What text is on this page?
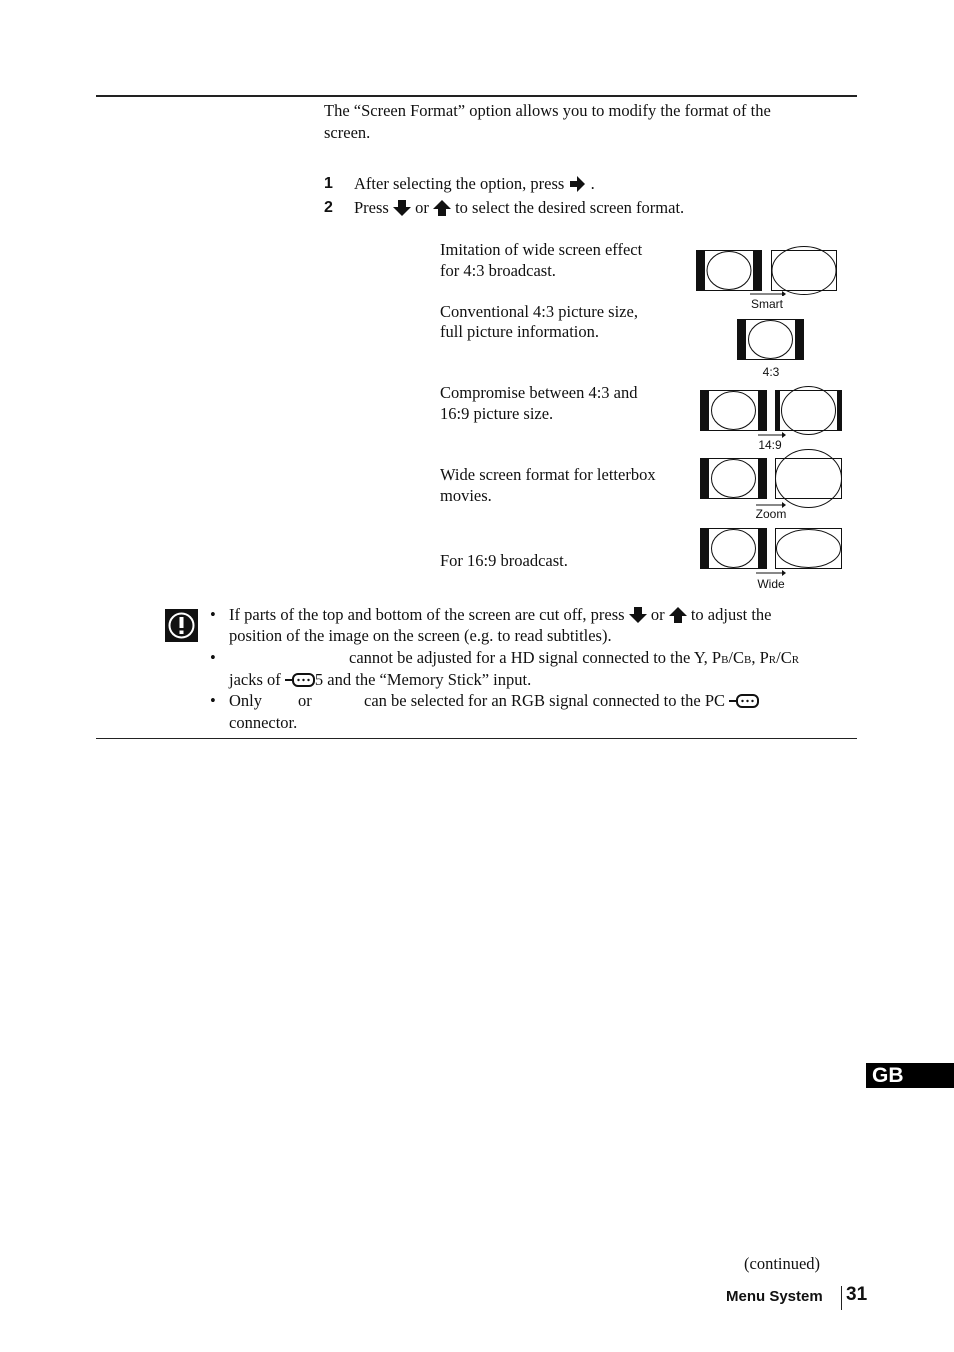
The “Screen Format” option allows you to modify the format of the
screen.
1 After selecting the option, press .
2 Press or to select the desired screen format.
Imitation of wide screen effect
for 4:3 broadcast.
Conventional 4:3 picture size,
full picture information.
Compromise between 4:3 and
16:9 picture size.
Wide screen format for letterbox
movies.
For 16:9 broadcast.
Smart
4:3
14:9
Zoom
Wide
• If parts of the top and bottom of the screen are cut off, press or to adjust the
position of the image on the screen (e.g. to read subtitles).
•	cannot be adjusted for a HD signal connected to the Y, PB/CB, PR/CR
jacks of 5 and the “Memory Stick” input.
• Only or	can be selected for an RGB signal connected to the PC
connector.
GB
(continued)
Menu System 31
